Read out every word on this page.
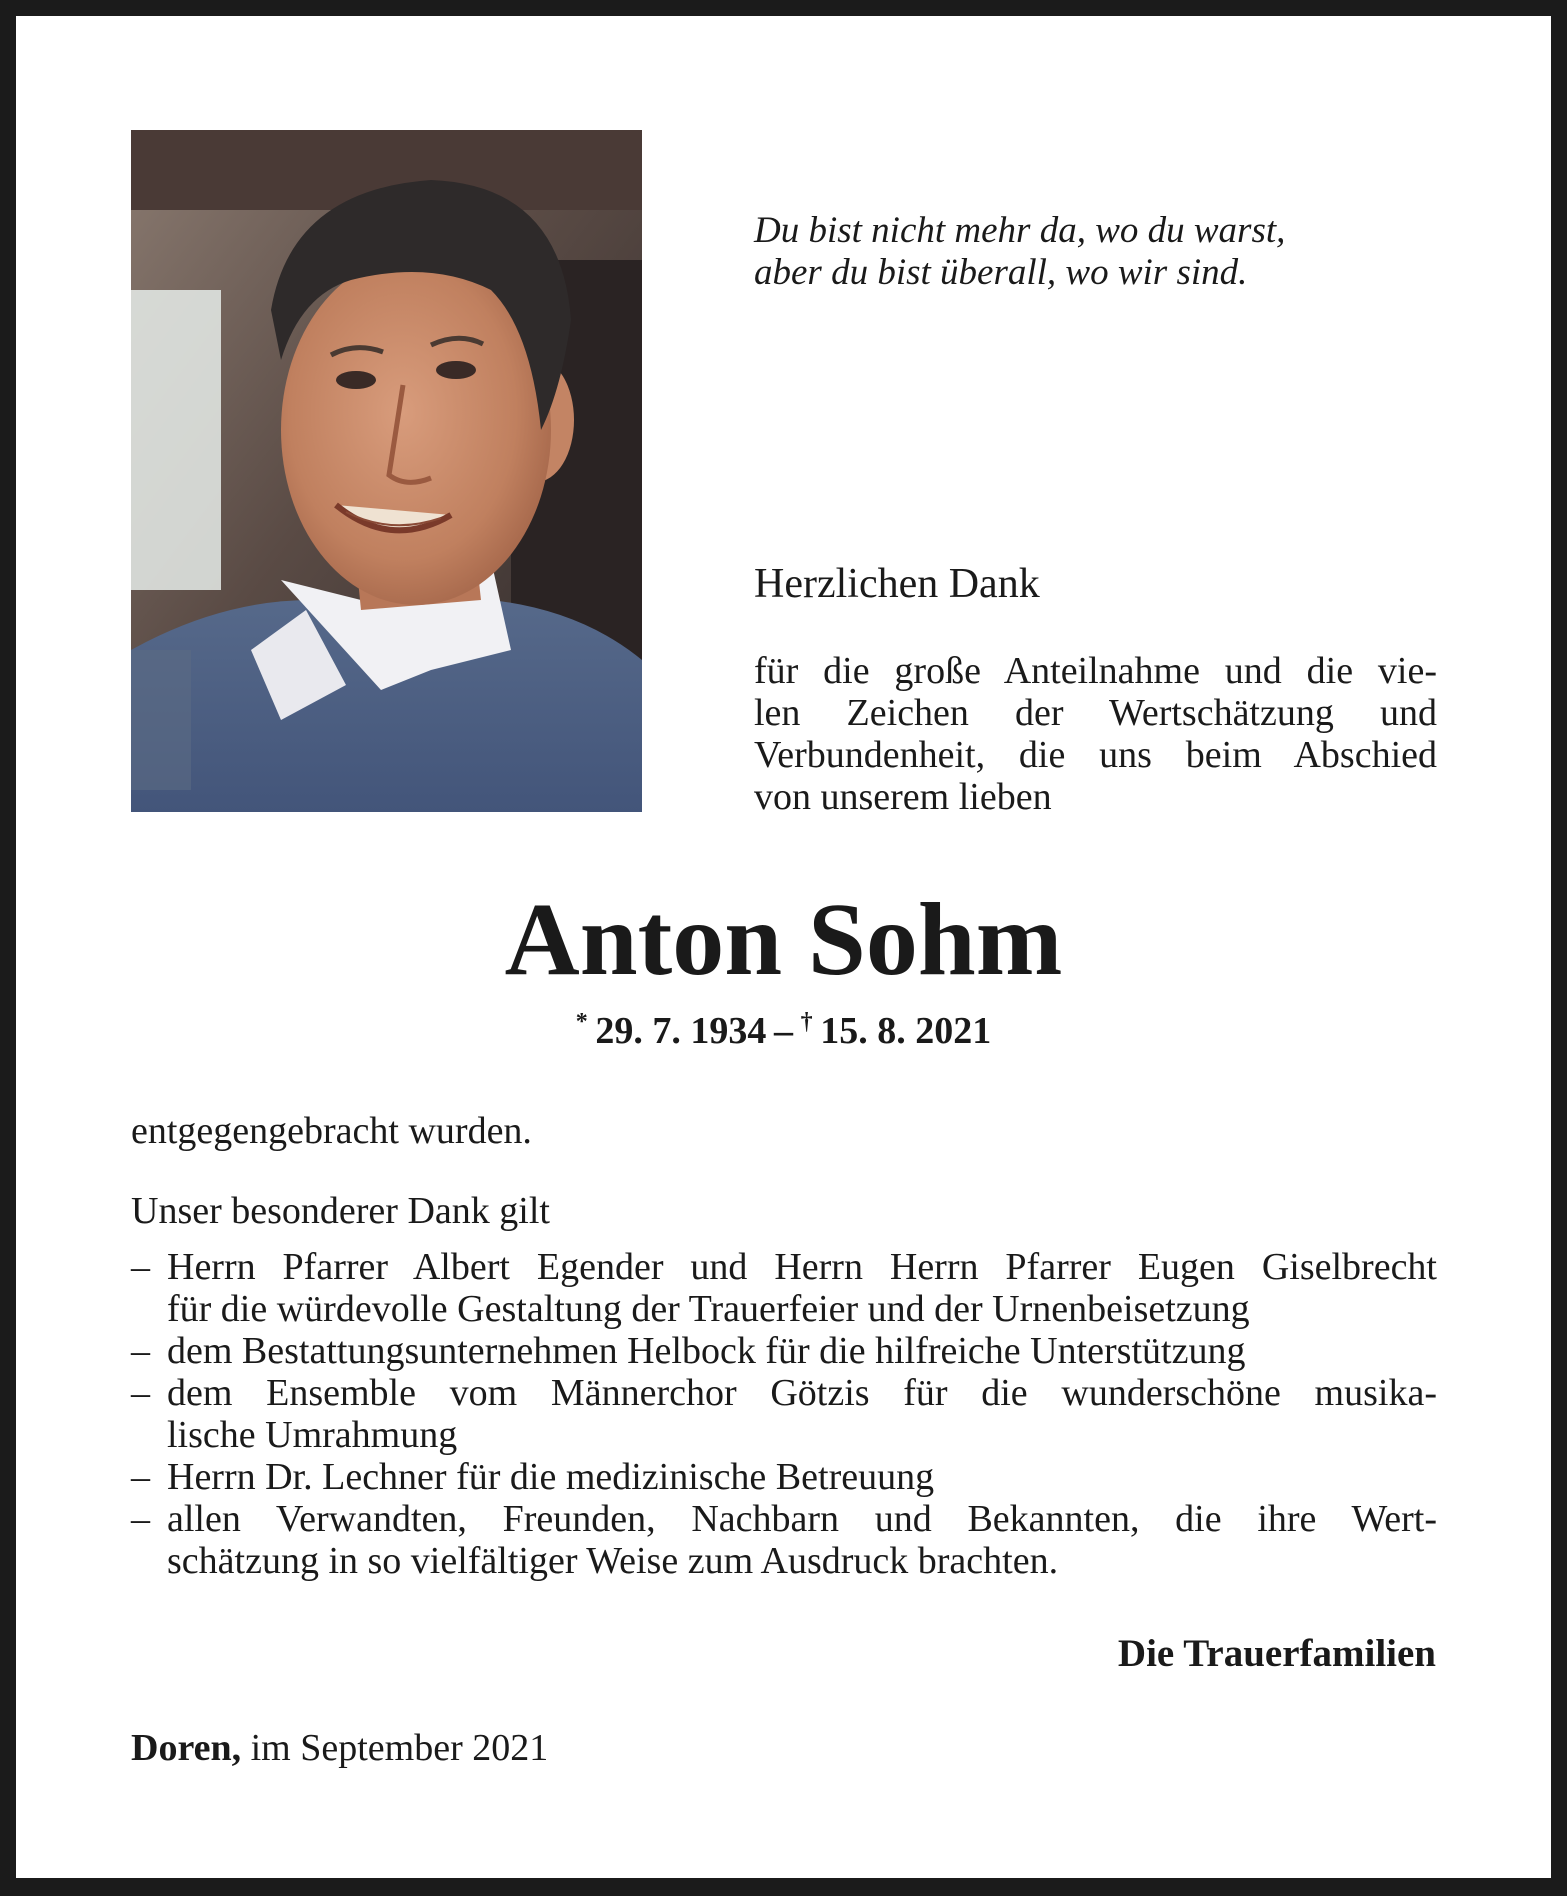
Du bist nicht mehr da, wo du warst,
aber du bist überall, wo wir sind.

Herzlichen Dank

für die große Anteilnahme und die vie-
len Zeichen der Wertschätzung und
Verbundenheit, die uns beim Abschied
von unserem lieben

Anton Sohm

*  29. 7. 1934  –  †  15. 8. 2021

entgegengebracht wurden.

Unser besonderer Dank gilt

– Herrn Pfarrer Albert Egender und Herrn Herrn Pfarrer Eugen Giselbrecht
für die würdevolle Gestaltung der Trauerfeier und der Urnenbeisetzung
– dem Bestattungsunternehmen Helbock für die hilfreiche Unterstützung
– dem Ensemble vom Männerchor Götzis für die wunderschöne musika-
lische Umrahmung
– Herrn Dr. Lechner für die medizinische Betreuung
– allen Verwandten, Freunden, Nachbarn und Bekannten, die ihre Wert-
schätzung in so vielfältiger Weise zum Ausdruck brachten.

Die Trauerfamilien

Doren, im September 2021
